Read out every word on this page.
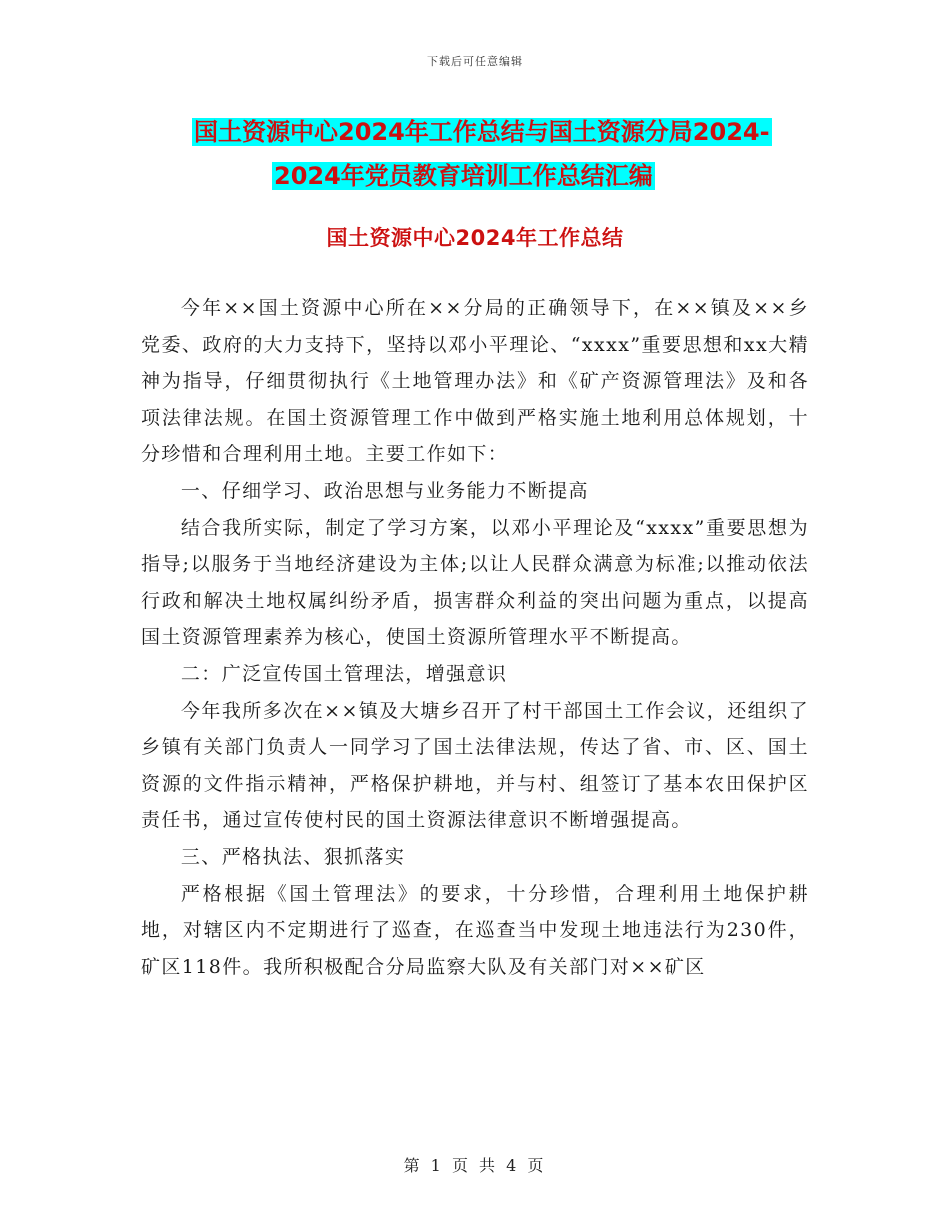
下载后可任意编辑
国土资源中心2024年工作总结与国土资源分局2024-
2024年党员教育培训工作总结汇编
国土资源中心2024年工作总结

今年××国土资源中心所在××分局的正确领导下，在××镇及××乡党委、政府的大力支持下，坚持以邓小平理论、“xxxx”重要思想和xx大精神为指导，仔细贯彻执行《土地管理办法》和《矿产资源管理法》及和各项法律法规。在国土资源管理工作中做到严格实施土地利用总体规划，十分珍惜和合理利用土地。主要工作如下：

一、仔细学习、政治思想与业务能力不断提高

结合我所实际，制定了学习方案，以邓小平理论及“xxxx”重要思想为指导;以服务于当地经济建设为主体;以让人民群众满意为标准;以推动依法行政和解决土地权属纠纷矛盾，损害群众利益的突出问题为重点，以提高国土资源管理素养为核心，使国土资源所管理水平不断提高。

二：广泛宣传国土管理法，增强意识

今年我所多次在××镇及大塘乡召开了村干部国土工作会议，还组织了乡镇有关部门负责人一同学习了国土法律法规，传达了省、市、区、国土资源的文件指示精神，严格保护耕地，并与村、组签订了基本农田保护区责任书，通过宣传使村民的国土资源法律意识不断增强提高。

三、严格执法、狠抓落实

严格根据《国土管理法》的要求，十分珍惜，合理利用土地保护耕地，对辖区内不定期进行了巡查，在巡查当中发现土地违法行为230件，矿区118件。我所积极配合分局监察大队及有关部门对××矿区

第 1 页 共 4 页
